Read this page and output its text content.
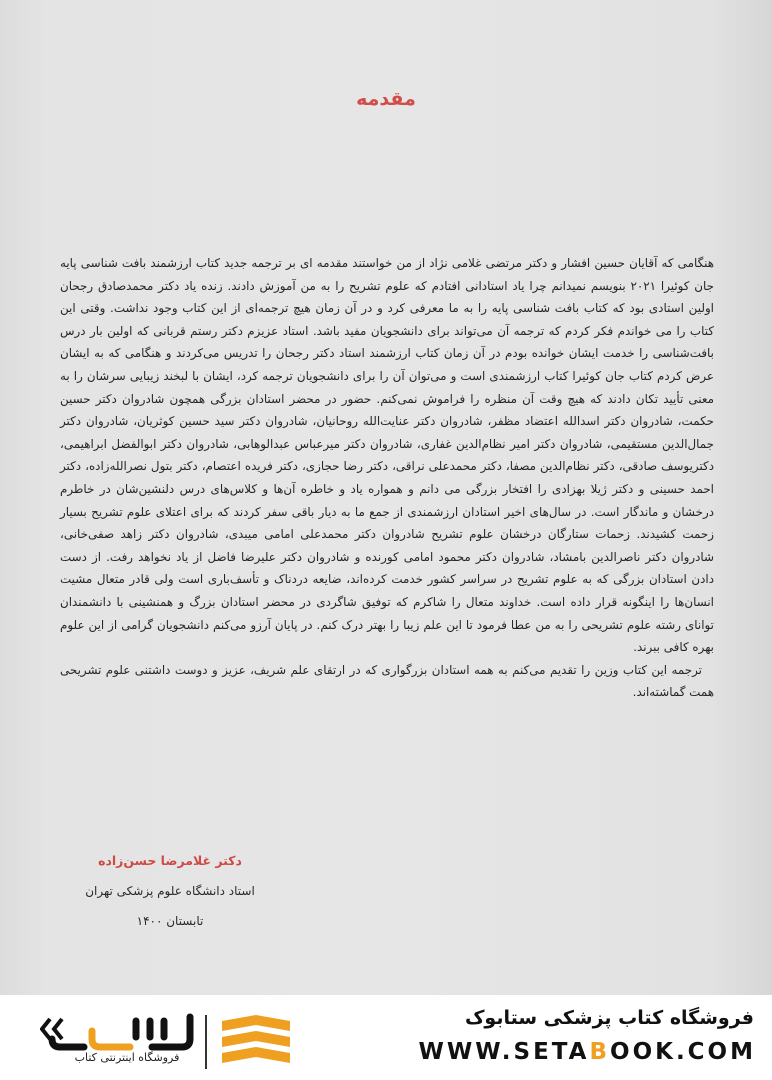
مقدمه

هنگامی که آقایان حسین افشار و دکتر مرتضی غلامی نژاد از من خواستند مقدمه ای بر ترجمه جدید کتاب ارزشمند بافت شناسی پایه جان کوئیرا ۲۰۲۱ بنویسم نمیدانم چرا یاد استادانی افتادم که علوم تشریح را به من آموزش دادند. زنده یاد دکتر محمدصادق رجحان اولین استادی بود که کتاب بافت شناسی پایه را به ما معرفی کرد و در آن زمان هیچ ترجمه‌ای از این کتاب وجود نداشت. وقتی این کتاب را می خواندم فکر کردم که ترجمه آن می‌تواند برای دانشجویان مفید باشد. استاد عزیزم دکتر رستم قربانی که اولین بار درس بافت‌شناسی را خدمت ایشان خوانده بودم در آن زمان کتاب ارزشمند استاد دکتر رجحان را تدریس می‌کردند و هنگامی که به ایشان عرض کردم کتاب جان کوئیرا کتاب ارزشمندی است و می‌توان آن را برای دانشجویان ترجمه کرد، ایشان با لبخند زیبایی سرشان را به معنی تأیید تکان دادند که هیچ وقت آن منظره را فراموش نمی‌کنم. حضور در محضر استادان بزرگی همچون شادروان دکتر حسین حکمت، شادروان دکتر اسدالله اعتضاد مظفر، شادروان دکتر عنایت‌الله روحانیان، شادروان دکتر سید حسین کوثریان، شادروان دکتر جمال‌الدین مستقیمی، شادروان دکتر امیر نظام‌الدین غفاری، شادروان دکتر میرعباس عبدالوهابی، شادروان دکتر ابوالفضل ابراهیمی، دکتریوسف صادقی، دکتر نظام‌الدین مصفا، دکتر محمدعلی نراقی، دکتر رضا حجازی، دکتر فریده اعتصام، دکتر بتول نصرالله‌زاده، دکتر احمد حسینی و دکتر ژیلا بهزادی را افتخار بزرگی می دانم و همواره یاد و خاطره آن‌ها و کلاس‌های درس دلنشین‌شان در خاطرم درخشان و ماندگار است. در سال‌های اخیر استادان ارزشمندی از جمع ما به دیار باقی سفر کردند که برای اعتلای علوم تشریح بسیار زحمت کشیدند. زحمات ستارگان درخشان علوم تشریح شادروان دکتر محمدعلی امامی میبدی، شادروان دکتر زاهد صفی‌خانی، شادروان دکتر ناصرالدین بامشاد، شادروان دکتر محمود امامی کورنده و شادروان دکتر علیرضا فاضل از یاد نخواهد رفت. از دست دادن استادان بزرگی که به علوم تشریح در سراسر کشور خدمت کرده‌اند، ضایعه دردناک و تأسف‌باری است ولی قادر متعال مشیت انسان‌ها را اینگونه قرار داده است. خداوند متعال را شاکرم که توفیق شاگردی در محضر استادان بزرگ و همنشینی با دانشمندان توانای رشته علوم تشریحی را به من عطا فرمود تا این علم زیبا را بهتر درک کنم. در پایان آرزو می‌کنم دانشجویان گرامی از این علوم بهره کافی ببرند.

ترجمه این کتاب وزین را تقدیم می‌کنم به همه استادان بزرگواری که در ارتقای علم شریف، عزیز و دوست داشتنی علوم تشریحی همت گماشته‌اند.

دکتر غلامرضا حسن‌زاده
استاد دانشگاه علوم پزشکی تهران
تابستان ۱۴۰۰
فروشگاه کتاب پزشکی ستابوک
WWW.SETABOOK.COM
فروشگاه اینترنتی کتاب
